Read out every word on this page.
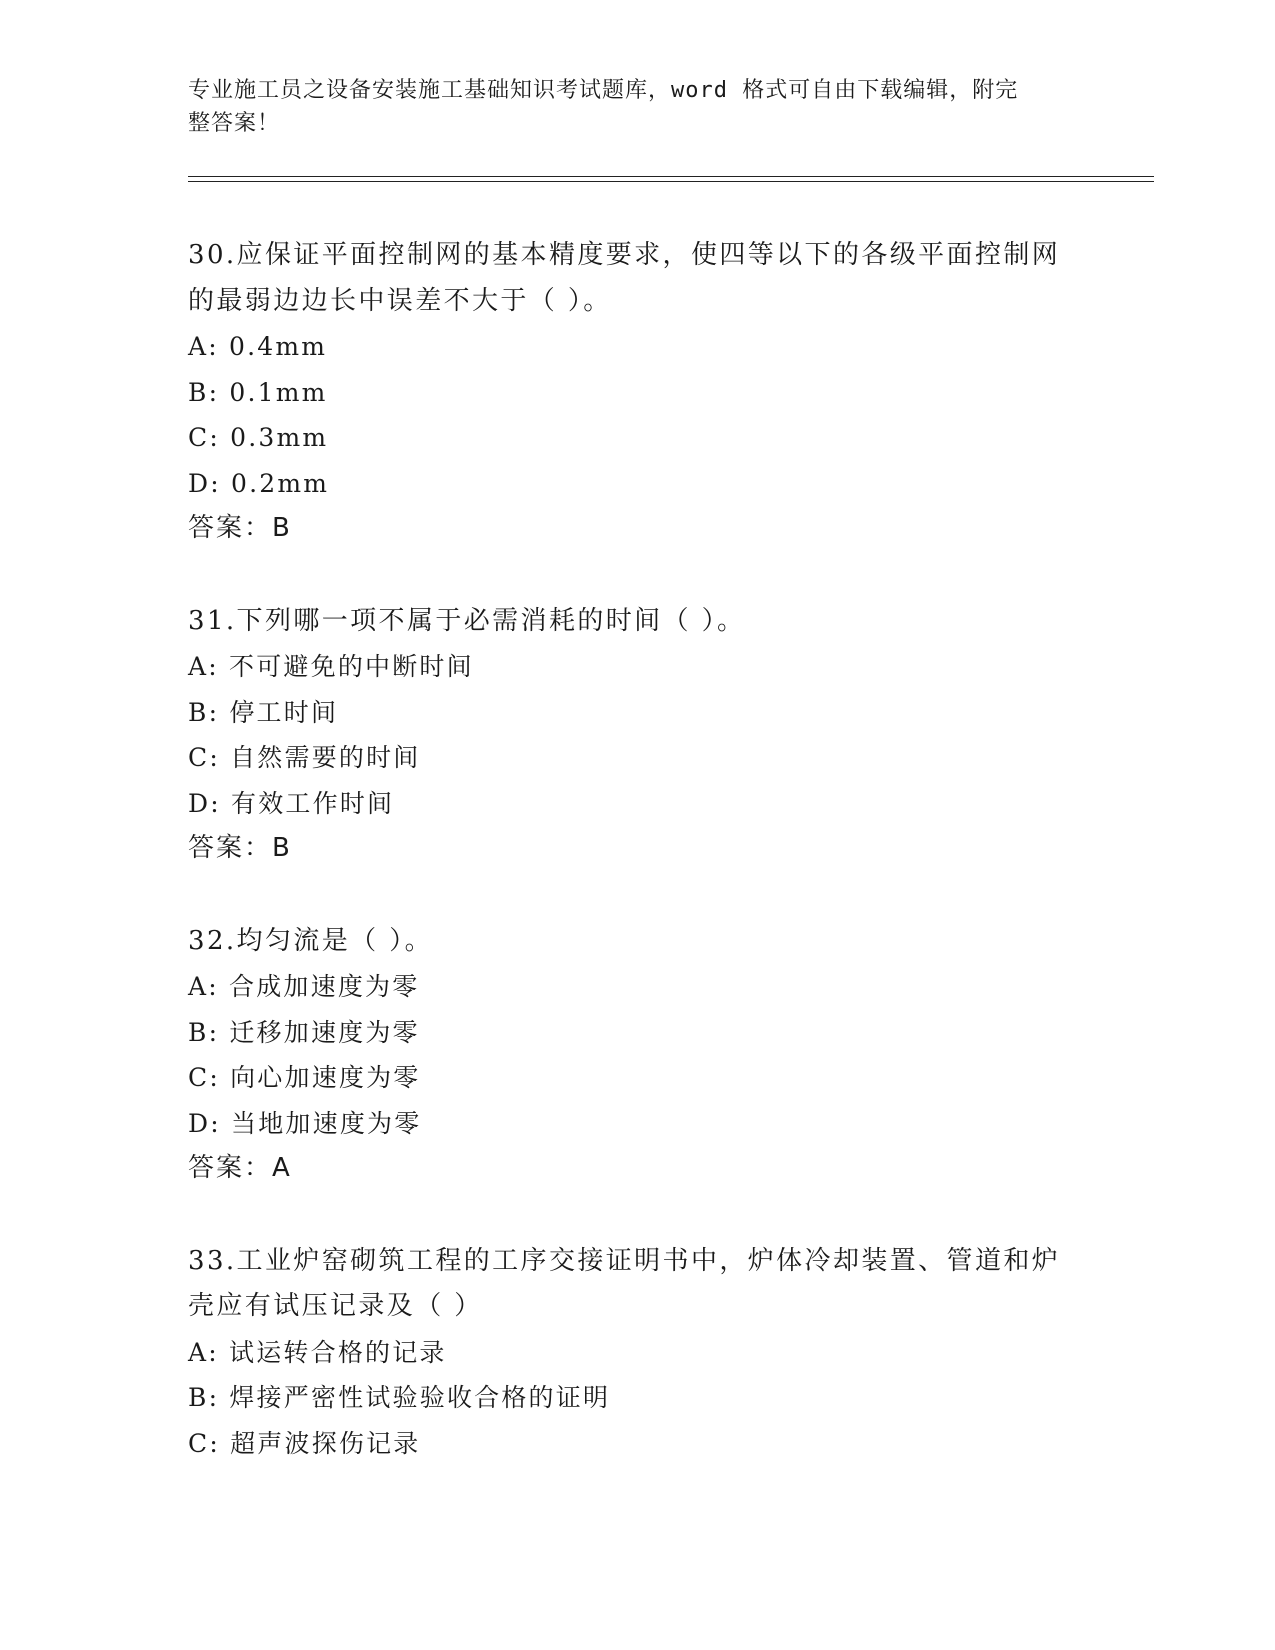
专业施工员之设备安装施工基础知识考试题库，word 格式可自由下载编辑，附完
整答案！

30.应保证平面控制网的基本精度要求，使四等以下的各级平面控制网

的最弱边边长中误差不大于（ ）。

A: 0.4mm

B: 0.1mm

C: 0.3mm

D: 0.2mm

答案：B

31.下列哪一项不属于必需消耗的时间（ ）。

A: 不可避免的中断时间

B: 停工时间

C: 自然需要的时间

D: 有效工作时间

答案：B

32.均匀流是（ ）。

A: 合成加速度为零

B: 迁移加速度为零

C: 向心加速度为零

D: 当地加速度为零

答案：A

33.工业炉窑砌筑工程的工序交接证明书中，炉体冷却装置、管道和炉

壳应有试压记录及（ ）

A: 试运转合格的记录

B: 焊接严密性试验验收合格的证明

C: 超声波探伤记录
